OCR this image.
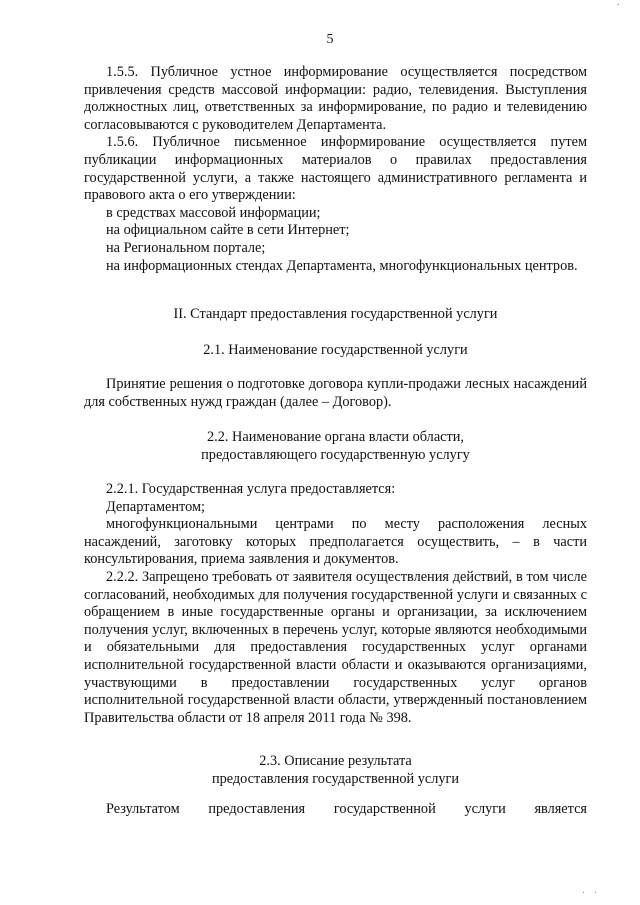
·
5

1.5.5. Публичное устное информирование осуществляется посредством привлечения средств массовой информации: радио, телевидения. Выступления должностных лиц, ответственных за информирование, по радио и телевидению согласовываются с руководителем Департамента.

1.5.6. Публичное письменное информирование осуществляется путем публикации информационных материалов о правилах предоставления государственной услуги, а также настоящего административного регламента и правового акта о его утверждении:

в средствах массовой информации;

на официальном сайте в сети Интернет;

на Региональном портале;

на информационных стендах Департамента, многофункциональных центров.

II. Стандарт предоставления государственной услуги

2.1. Наименование государственной услуги

Принятие решения о подготовке договора купли-продажи лесных насаждений для собственных нужд граждан (далее – Договор).

2.2. Наименование органа власти области,

предоставляющего государственную услугу

2.2.1. Государственная услуга предоставляется:

Департаментом;

многофункциональными центрами по месту расположения лесных насаждений, заготовку которых предполагается осуществить, – в части консультирования, приема заявления и документов.

2.2.2. Запрещено требовать от заявителя осуществления действий, в том числе согласований, необходимых для получения государственной услуги и связанных с обращением в иные государственные органы и организации, за исключением получения услуг, включенных в перечень услуг, которые являются необходимыми и обязательными для предоставления государственных услуг органами исполнительной государственной власти области и оказываются организациями, участвующими в предоставлении государственных услуг органов исполнительной государственной власти области, утвержденный постановлением Правительства области от 18 апреля 2011 года № 398.

2.3. Описание результата

предоставления государственной услуги

Результатом предоставления государственной услуги является
· ·
